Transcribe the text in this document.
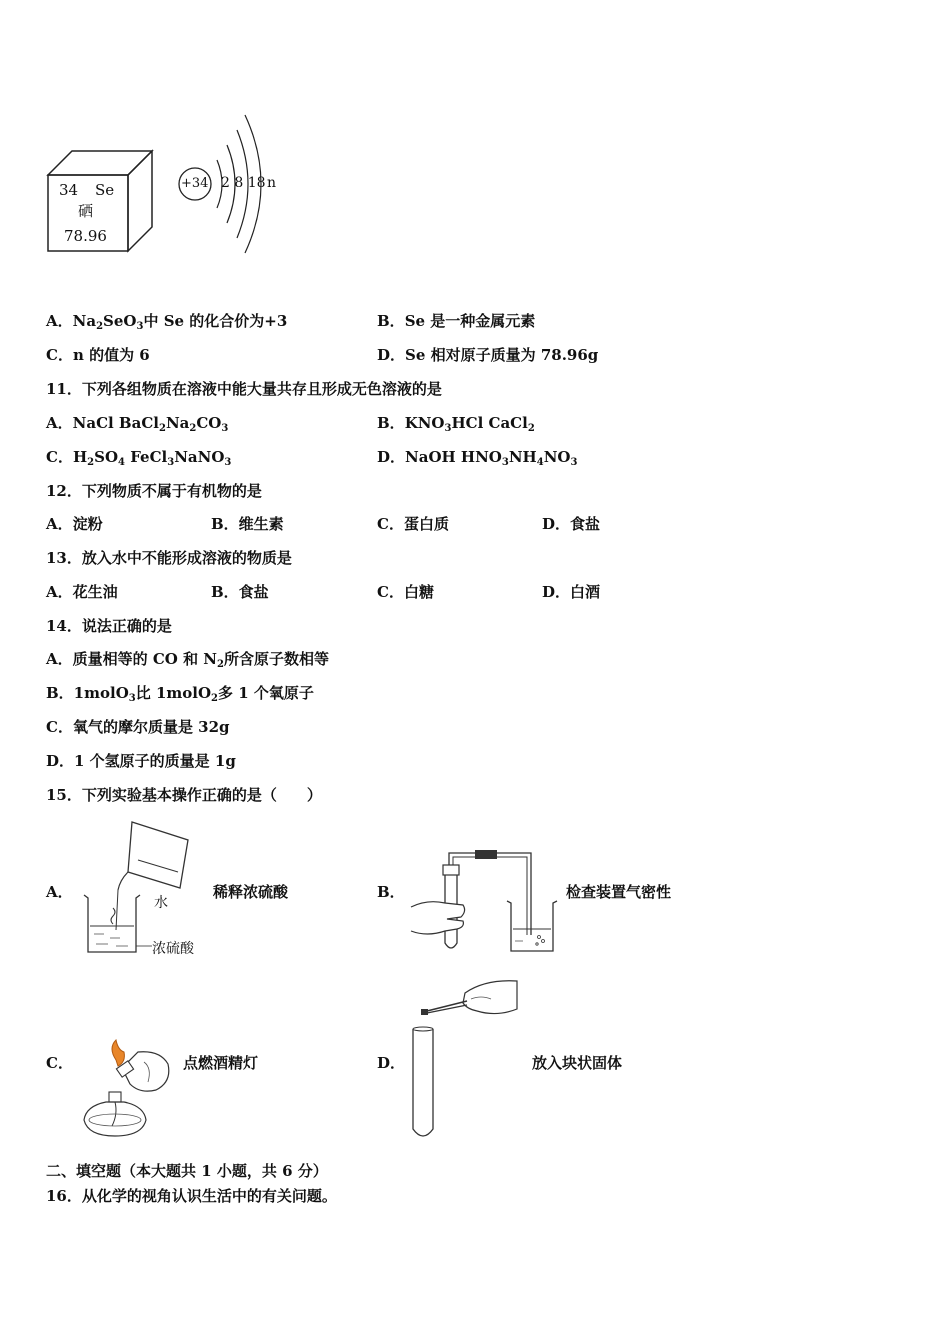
34 Se
硒
78.96
+34 2 8 18 n
A．$Na_2SeO_3$中 Se 的化合价为+3	B．Se 是一种金属元素
C．n 的值为 6	D．Se 相对原子质量为 78.96g
11．下列各组物质在溶液中能大量共存且形成无色溶液的是
A．NaCl $BaCl_2Na_2CO_3$	B．$KNO_3HCl$ CaCl$_2$
C．$H_2SO_4$ FeCl$_3$NaNO$_3$	D．NaOH $HNO_3NH_4NO_3$
12．下列物质不属于有机物的是
A．淀粉	B．维生素	C．蛋白质	D．食盐
13．放入水中不能形成溶液的物质是
A．花生油	B．食盐	C．白糖	D．白酒
14．说法正确的是
A．质量相等的 CO 和 $N_2$所含原子数相等
B．1molO$_3$比 1molO$_2$多 1 个氧原子
C．氧气的摩尔质量是 32g
D．1 个氢原子的质量是 1g
15．下列实验基本操作正确的是（　　）
A．
水
浓硫酸
稀释浓硫酸	B．	检查装置气密性
C．	点燃酒精灯	D．	放入块状固体
二、填空题（本大题共 1 小题，共 6 分）
16．从化学的视角认识生活中的有关问题。
